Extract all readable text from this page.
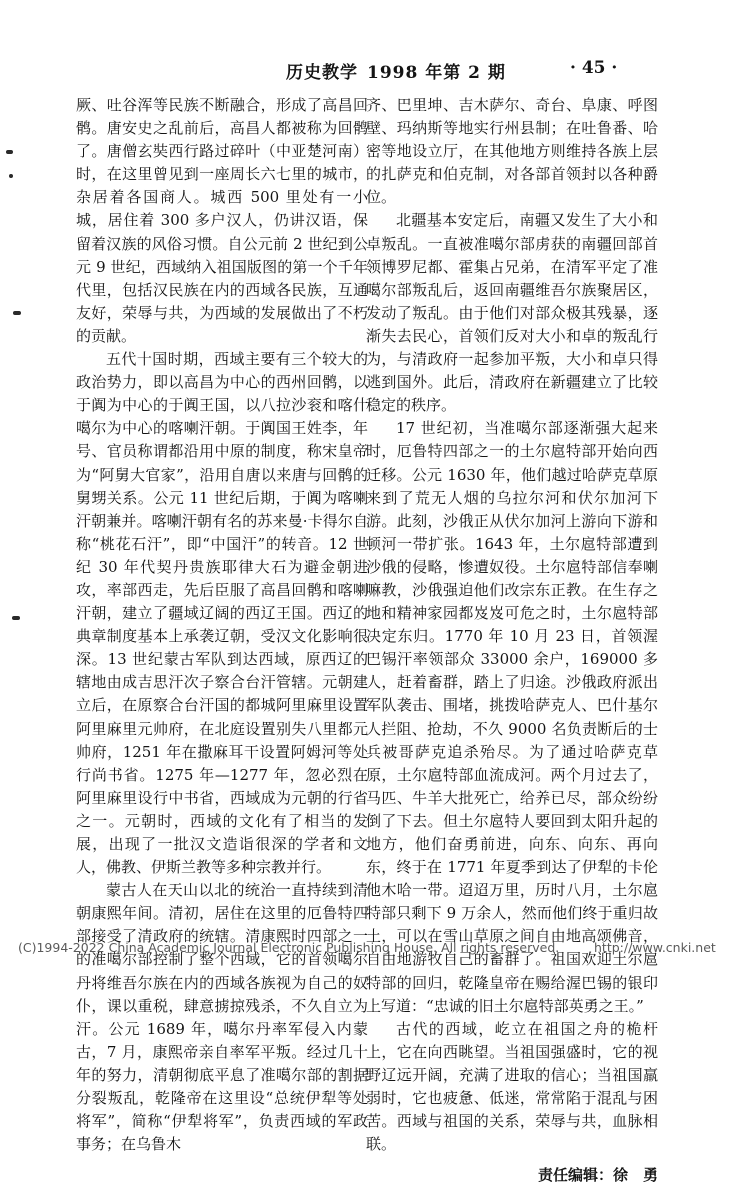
历史教学 1998 年第 2 期	· 45 ·

厥、吐谷浑等民族不断融合，形成了高昌回鹘。唐安史之乱前后，高昌人都被称为回鹘了。唐僧玄奘西行路过碎叶（中亚楚河南）时，在这里曾见到一座周长六七里的城市，杂居着各国商人。城西 500 里处有一小城，居住着 300 多户汉人，仍讲汉语，保留着汉族的风俗习惯。自公元前 2 世纪到公元 9 世纪，西域纳入祖国版图的第一个千年代里，包括汉民族在内的西域各民族，互通友好，荣辱与共，为西域的发展做出了不朽的贡献。

五代十国时期，西域主要有三个较大的政治势力，即以高昌为中心的西州回鹘，以于阗为中心的于阗王国，以八拉沙衮和喀什噶尔为中心的喀喇汗朝。于阗国王姓李，年号、官员称谓都沿用中原的制度，称宋皇帝为“阿舅大官家”，沿用自唐以来唐与回鹘的舅甥关系。公元 11 世纪后期，于阗为喀喇汗朝兼并。喀喇汗朝有名的苏来曼·卡得尔自称“桃花石汗”，即“中国汗”的转音。12 世纪 30 年代契丹贵族耶律大石为避金朝进攻，率部西走，先后臣服了高昌回鹘和喀喇汗朝，建立了疆域辽阔的西辽王国。西辽的典章制度基本上承袭辽朝，受汉文化影响很深。13 世纪蒙古军队到达西域，原西辽的辖地由成吉思汗次子察合台汗管辖。元朝建立后，在原察合台汗国的都城阿里麻里设置阿里麻里元帅府，在北庭设置别失八里都元帅府，1251 年在撒麻耳干设置阿姆河等处行尚书省。1275 年—1277 年，忽必烈在阿里麻里设行中书省，西域成为元朝的行省之一。元朝时，西域的文化有了相当的发展，出现了一批汉文造诣很深的学者和文人，佛教、伊斯兰教等多种宗教并行。

蒙古人在天山以北的统治一直持续到清朝康熙年间。清初，居住在这里的厄鲁特四部接受了清政府的统辖。清康熙时四部之一的准噶尔部控制了整个西域，它的首领噶尔丹将维吾尔族在内的西域各族视为自己的奴仆，课以重税，肆意掳掠残杀，不久自立为汗。公元 1689 年，噶尔丹率军侵入内蒙古，7 月，康熙帝亲自率军平叛。经过几十年的努力，清朝彻底平息了准噶尔部的割据分裂叛乱，乾隆帝在这里设“总统伊犁等处将军”，简称“伊犁将军”，负责西域的军政事务；在乌鲁木

齐、巴里坤、吉木萨尔、奇台、阜康、呼图壁、玛纳斯等地实行州县制；在吐鲁番、哈密等地设立厅，在其他地方则维持各族上层的扎萨克和伯克制，对各部首领封以各种爵位。

北疆基本安定后，南疆又发生了大小和卓叛乱。一直被准噶尔部虏获的南疆回部首领博罗尼都、霍集占兄弟，在清军平定了准噶尔部叛乱后，返回南疆维吾尔族聚居区，发动了叛乱。由于他们对部众极其残暴，逐渐失去民心，首领们反对大小和卓的叛乱行为，与清政府一起参加平叛，大小和卓只得逃到国外。此后，清政府在新疆建立了比较稳定的秩序。

17 世纪初，当准噶尔部逐渐强大起来时，厄鲁特四部之一的土尔扈特部开始向西迁移。公元 1630 年，他们越过哈萨克草原来到了荒无人烟的乌拉尔河和伏尔加河下游。此刻，沙俄正从伏尔加河上游向下游和顿河一带扩张。1643 年，土尔扈特部遭到沙俄的侵略，惨遭奴役。土尔扈特部信奉喇嘛教，沙俄强迫他们改宗东正教。在生存之地和精神家园都岌岌可危之时，土尔扈特部决定东归。1770 年 10 月 23 日，首领渥巴锡汗率领部众 33000 余户，169000 多人，赶着畜群，踏上了归途。沙俄政府派出军队袭击、围堵，挑拨哈萨克人、巴什基尔人拦阻、抢劫，不久 9000 名负责断后的士兵被哥萨克追杀殆尽。为了通过哈萨克草原，土尔扈特部血流成河。两个月过去了，马匹、牛羊大批死亡，给养已尽，部众纷纷倒了下去。但土尔扈特人要回到太阳升起的地方，他们奋勇前进，向东、向东、再向东，终于在 1771 年夏季到达了伊犁的卡伦他木哈一带。迢迢万里，历时八月，土尔扈特部只剩下 9 万余人，然而他们终于重归故土，可以在雪山草原之间自由地高颂佛音，自由地游牧自己的畜群了。祖国欢迎土尔扈特部的回归，乾隆皇帝在赐给渥巴锡的银印上写道：“忠诚的旧土尔扈特部英勇之王。”

古代的西域，屹立在祖国之舟的桅杆上，它在向西眺望。当祖国强盛时，它的视野辽远开阔，充满了进取的信心；当祖国羸弱时，它也疲惫、低迷，常常陷于混乱与困苦。西域与祖国的关系，荣辱与共，血脉相联。

责任编辑：徐　勇
(C)1994-2022 China Academic Journal Electronic Publishing House. All rights reserved.	http://www.cnki.net
